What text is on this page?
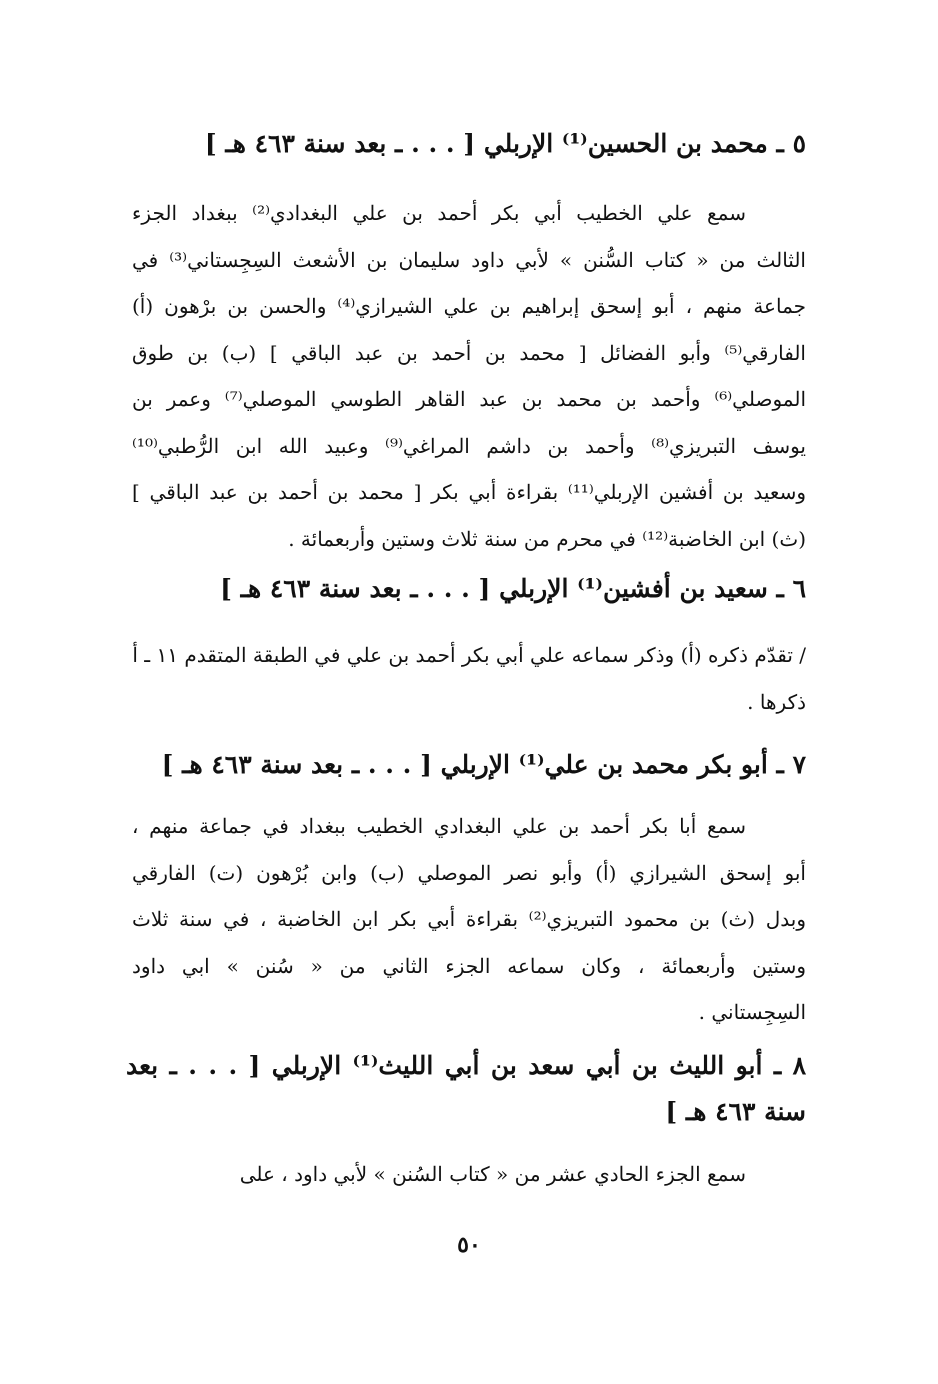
٥ ـ محمد بن الحسين⁽¹⁾ الإربلي [ . . . ـ بعد سنة ٤٦٣ هـ ]
سمع علي الخطيب أبي بكر أحمد بن علي البغدادي⁽²⁾ ببغداد الجزء
الثالث من « كتاب السُّنن » لأبي داود سليمان بن الأشعث السِجِستاني⁽³⁾ في
جماعة منهم ، أبو إسحق إبراهيم بن علي الشيرازي⁽⁴⁾ والحسن بن برْهون (أ)
الفارقي⁽⁵⁾ وأبو الفضائل [ محمد بن أحمد بن عبد الباقي ] (ب) بن طوق
الموصلي⁽⁶⁾ وأحمد بن محمد بن عبد القاهر الطوسي الموصلي⁽⁷⁾ وعمر بن
يوسف التبريزي⁽⁸⁾ وأحمد بن داشم المراغي⁽⁹⁾ وعبيد الله ابن الرُّطبي⁽¹⁰⁾
وسعيد بن أفشين الإربلي⁽¹¹⁾ بقراءة أبي بكر [ محمد بن أحمد بن عبد الباقي ]
(ث) ابن الخاضبة⁽¹²⁾ في محرم من سنة ثلاث وستين وأربعمائة .
٦ ـ سعيد بن أفشين⁽¹⁾ الإربلي [ . . . ـ بعد سنة ٤٦٣ هـ ]
/ تقدّم ذكره (أ) وذكر سماعه علي أبي بكر أحمد بن علي في الطبقة المتقدم ١١ ـ أ
ذكرها .
٧ ـ أبو بكر محمد بن علي⁽¹⁾ الإربلي [ . . . ـ بعد سنة ٤٦٣ هـ ]
سمع أبا بكر أحمد بن علي البغدادي الخطيب ببغداد في جماعة منهم ،
أبو إسحق الشيرازي (أ) وأبو نصر الموصلي (ب) وابن بُرْهون (ت) الفارقي
وبدل (ث) بن محمود التبريزي⁽²⁾ بقراءة أبي بكر ابن الخاضبة ، في سنة ثلاث
وستين وأربعمائة ، وكان سماعه الجزء الثاني من « سُنن » ابي داود
السِجِستاني .
٨ ـ أبو الليث بن أبي سعد بن أبي الليث⁽¹⁾ الإربلي [ . . . ـ بعد سنة ٤٦٣ هـ ]
سمع الجزء الحادي عشر من « كتاب السُنن » لأبي داود ، على
٥٠
